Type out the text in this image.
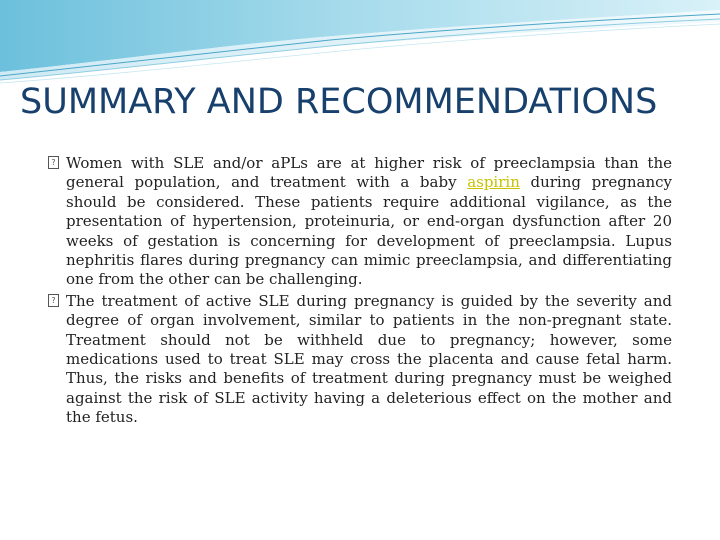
SUMMARY AND RECOMMENDATIONS

? Women with SLE and/or aPLs are at higher risk of preeclampsia than the general population, and treatment with a baby aspirin during pregnancy should be considered. These patients require additional vigilance, as the presentation of hypertension, proteinuria, or end-organ dysfunction after 20 weeks of gestation is concerning for development of preeclampsia. Lupus nephritis flares during pregnancy can mimic preeclampsia, and differentiating one from the other can be challenging.

? The treatment of active SLE during pregnancy is guided by the severity and degree of organ involvement, similar to patients in the non-pregnant state. Treatment should not be withheld due to pregnancy; however, some medications used to treat SLE may cross the placenta and cause fetal harm. Thus, the risks and benefits of treatment during pregnancy must be weighed against the risk of SLE activity having a deleterious effect on the mother and the fetus.
